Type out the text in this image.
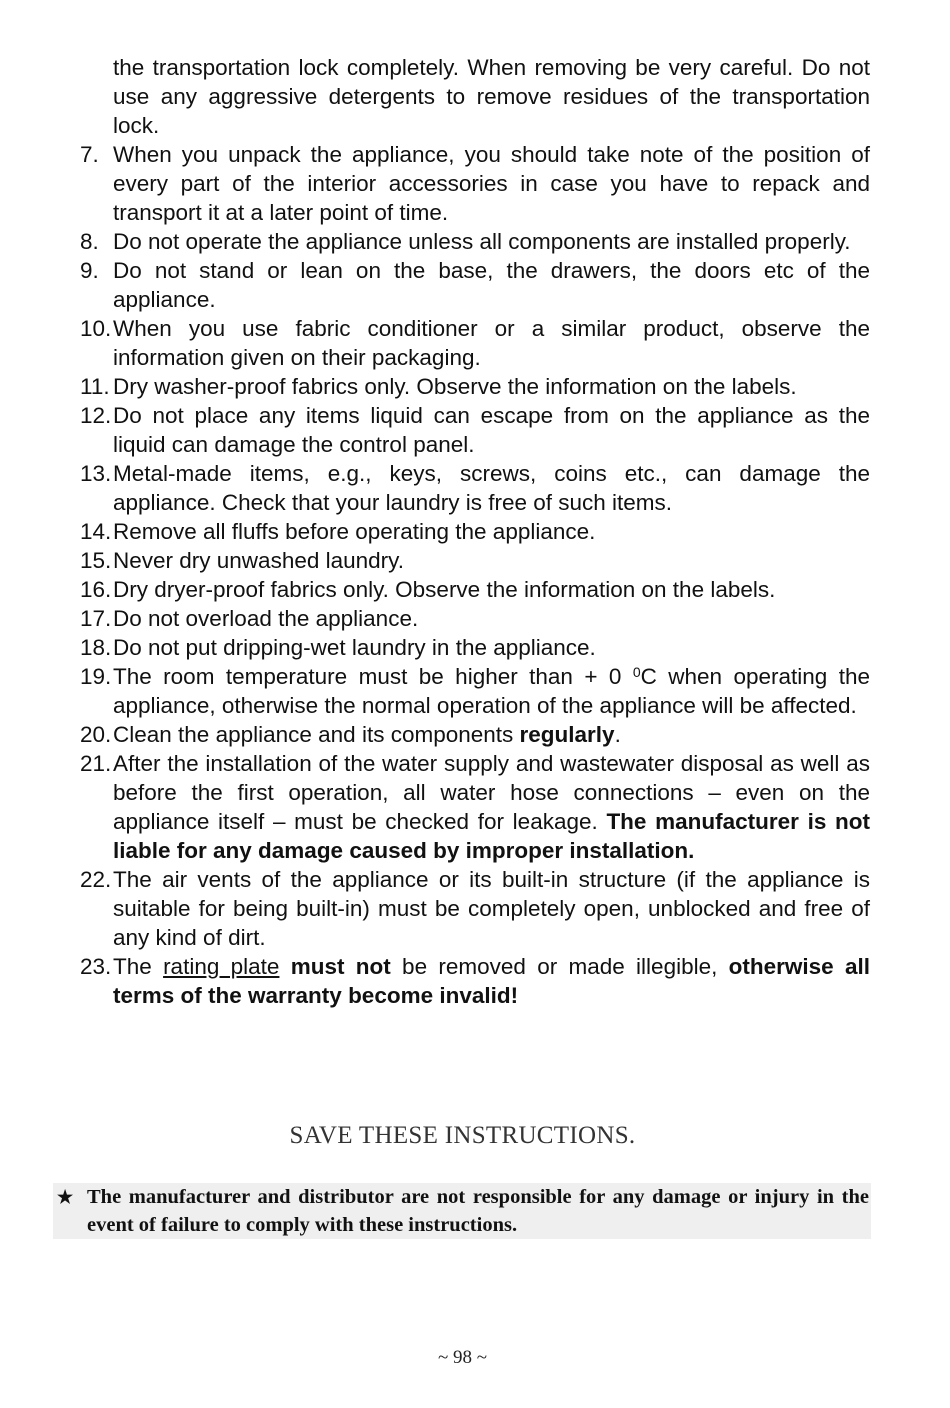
the transportation lock completely. When removing be very careful. Do not use any aggressive detergents to remove residues of the transportation lock.
7. When you unpack the appliance, you should take note of the position of every part of the interior accessories in case you have to repack and transport it at a later point of time.
8. Do not operate the appliance unless all components are installed properly.
9. Do not stand or lean on the base, the drawers, the doors etc of the appliance.
10. When you use fabric conditioner or a similar product, observe the information given on their packaging.
11. Dry washer-proof fabrics only. Observe the information on the labels.
12. Do not place any items liquid can escape from on the appliance as the liquid can damage the control panel.
13. Metal-made items, e.g., keys, screws, coins etc., can damage the appliance. Check that your laundry is free of such items.
14. Remove all fluffs before operating the appliance.
15. Never dry unwashed laundry.
16. Dry dryer-proof fabrics only. Observe the information on the labels.
17. Do not overload the appliance.
18. Do not put dripping-wet laundry in the appliance.
19. The room temperature must be higher than + 0 $^0$C when operating the appliance, otherwise the normal operation of the appliance will be affected.
20. Clean the appliance and its components regularly.
21. After the installation of the water supply and wastewater disposal as well as before the first operation, all water hose connections – even on the appliance itself – must be checked for leakage. The manufacturer is not liable for any damage caused by improper installation.
22. The air vents of the appliance or its built-in structure (if the appliance is suitable for being built-in) must be completely open, unblocked and free of any kind of dirt.
23. The rating plate must not be removed or made illegible, otherwise all terms of the warranty become invalid!
SAVE THESE INSTRUCTIONS.
★ The manufacturer and distributor are not responsible for any damage or injury in the event of failure to comply with these instructions.
~ 98 ~
